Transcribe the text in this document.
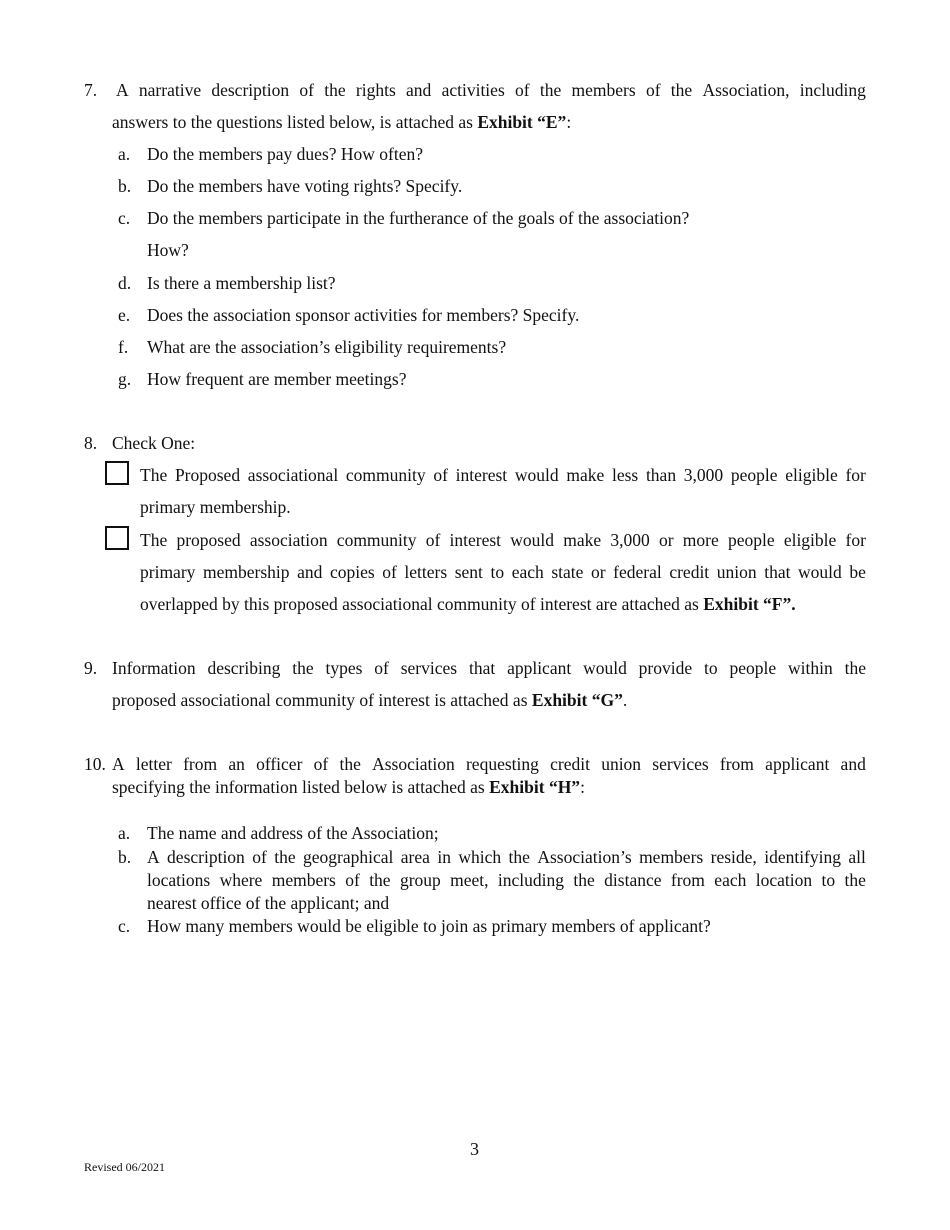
7. A narrative description of the rights and activities of the members of the Association, including
answers to the questions listed below, is attached as Exhibit “E”:
a. Do the members pay dues? How often?
b. Do the members have voting rights? Specify.
c. Do the members participate in the furtherance of the goals of the association?
How?
d. Is there a membership list?
e. Does the association sponsor activities for members? Specify.
f. What are the association’s eligibility requirements?
g. How frequent are member meetings?
8. Check One:
The Proposed associational community of interest would make less than 3,000 people eligible for
primary membership.
The proposed association community of interest would make 3,000 or more people eligible for
primary membership and copies of letters sent to each state or federal credit union that would be
overlapped by this proposed associational community of interest are attached as Exhibit “F”.
9. Information describing the types of services that applicant would provide to people within the
proposed associational community of interest is attached as Exhibit “G”.
10. A letter from an officer of the Association requesting credit union services from applicant and
specifying the information listed below is attached as Exhibit “H”:
a. The name and address of the Association;
b. A description of the geographical area in which the Association’s members reside, identifying all
locations where members of the group meet, including the distance from each location to the
nearest office of the applicant; and
c. How many members would be eligible to join as primary members of applicant?
3
Revised 06/2021
